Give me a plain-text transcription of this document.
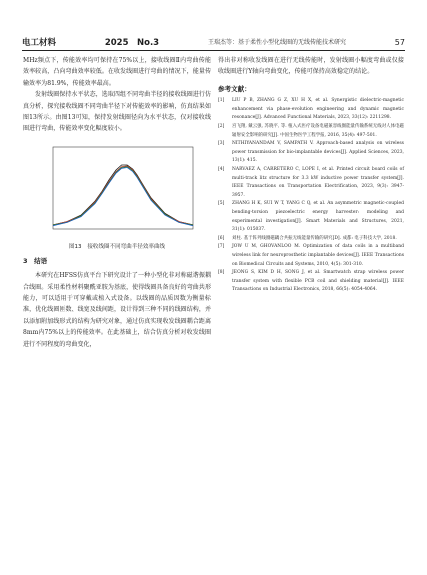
电工材料	2025　No.3	王瑞杰等：基于柔性小型化线圈的无线传能技术研究	57

MHz频点下，传能效率均可保持在75%以上，接收线圈Ⅱ内弯曲传能效率较高，凸向弯曲效率较低。在收发线圈进行弯曲的情况下，能量传输效率为81.9%，传能效率最高。

发射线圈保持水平状态，选取四组不同弯曲半径的接收线圈进行仿真分析，探究接收线圈不同弯曲半径下对传能效率的影响，仿真结果如图13所示。由图13可知，保持发射线圈径向为水平状态，仅对接收线圈进行弯曲，传能效率变化幅度较小。

图13 接收线圈不同弯曲半径效率曲线
3　结语

本研究在HFSS仿真平台下研究设计了一种小型化非对称磁谐振耦合线圈。采用柔性材料聚酰亚胺为基底，使得线圈具备良好的弯曲共形能力，可以适用于可穿戴或植入式设备。以线圈的品质因数为衡量标准，优化线圈匝数、线宽及线间距，设计得到三种不同的线圈结构，并以添加附加线形式的结构为研究对象，通过仿真实现收发线圈耦合距离8mm内75%以上的传能效率。在此基础上，结合仿真分析对收发线圈进行不同程度的弯曲变化，

得出非对称收发线圈在进行无线传能时，发射线圈小幅度弯曲或仅接收线圈进行Y轴向弯曲变化，传能可保持高效稳定的结论。

参考文献：
[1]	LIU P B, ZHANG G Z, XU H X, et al. Synergistic dielectric-magnetic enhancement via phase-evolution engineering and dynamic magnetic resonance[J]. Advanced Functional Materials, 2023, 33(12): 2211298.
[2]	宫飞翔, 戴云强, 苏晓平, 等. 植入式医疗设备电磁兼容线圈能量传输系统无线对人体电磁辐射安全影响的研究[J]. 中国生物医学工程学报, 2016, 35(4): 497-501.
[3]	NITHIYANANDAM V, SAMPATH V. Approach-based analysis on wireless power transmission for bio-implantable devices[J]. Applied Sciences, 2023, 13(1): 415.
[4]	NARVAEZ A, CARRETERO C, LOPE I, et al. Printed circuit board coils of multi-track litz structure for 3.3 kW inductive power transfer system[J]. IEEE Transactions on Transportation Electrification, 2023, 9(3): 3947-3957.
[5]	ZHANG H K, SUI W T, YANG C Q, et al. An asymmetric magnetic-coupled bending-torsion piezoelectric energy harvester: modeling and experimental investigation[J]. Smart Materials and Structures, 2021, 31(1): 015037.
[6]	刘柱. 基于阵列线圈磁耦合共振无线能量传输的研究[D]. 成都: 电子科技大学, 2018.
[7]	JOW U M, GHOVANLOO M. Optimization of data coils in a multiband wireless link for neuroprosthetic implantable devices[J]. IEEE Transactions on Biomedical Circuits and Systems, 2010, 4(5): 301-310.
[8]	JEONG S, KIM D H, SONG J, et al. Smartwatch strap wireless power transfer system with flexible PCB coil and shielding material[J]. IEEE Transactions on Industrial Electronics, 2018, 66(5): 4054-4064.
